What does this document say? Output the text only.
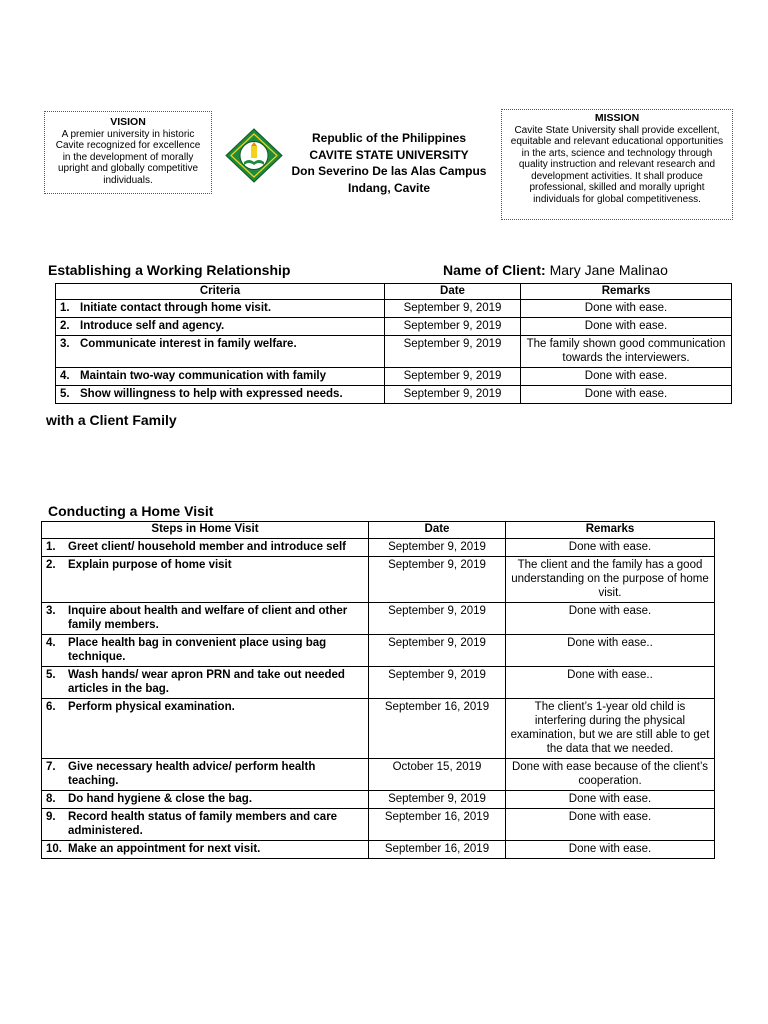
VISION
A premier university in historic Cavite recognized for excellence in the development of morally upright and globally competitive individuals.
Republic of the Philippines
CAVITE STATE UNIVERSITY
Don Severino De las Alas Campus
Indang, Cavite
MISSION
Cavite State University shall provide excellent, equitable and relevant educational opportunities in the arts, science and technology through quality instruction and relevant research and development activities. It shall produce professional, skilled and morally upright individuals for global competitiveness.
Establishing a Working Relationship	Name of Client: Mary Jane Malinao
Criteria	Date	Remarks
1. Initiate contact through home visit.	September 9, 2019	Done with ease.
2. Introduce self and agency.	September 9, 2019	Done with ease.
3. Communicate interest in family welfare.	September 9, 2019	The family shown good communication towards the interviewers.
4. Maintain two-way communication with family	September 9, 2019	Done with ease.
5. Show willingness to help with expressed needs.	September 9, 2019	Done with ease.
with a Client Family
Conducting a Home Visit
Steps in Home Visit	Date	Remarks

1. Greet client/ household member and introduce self	September 9, 2019	Done with ease.

2. Explain purpose of home visit	September 9, 2019	The client and the family has a good understanding on the purpose of home visit.

3. Inquire about health and welfare of client and other family members.	September 9, 2019	Done with ease.

4. Place health bag in convenient place using bag technique.	September 9, 2019	Done with ease..

5. Wash hands/ wear apron PRN and take out needed articles in the bag.	September 9, 2019	Done with ease..

6. Perform physical examination.	September 16, 2019	The client’s 1-year old child is interfering during the physical examination, but we are still able to get the data that we needed.

7. Give necessary health advice/ perform health teaching.	October 15, 2019	Done with ease because of the client’s cooperation.

8. Do hand hygiene & close the bag.	September 9, 2019	Done with ease.

9. Record health status of family members and care administered.	September 16, 2019	Done with ease.

10. Make an appointment for next visit.	September 16, 2019	Done with ease.
